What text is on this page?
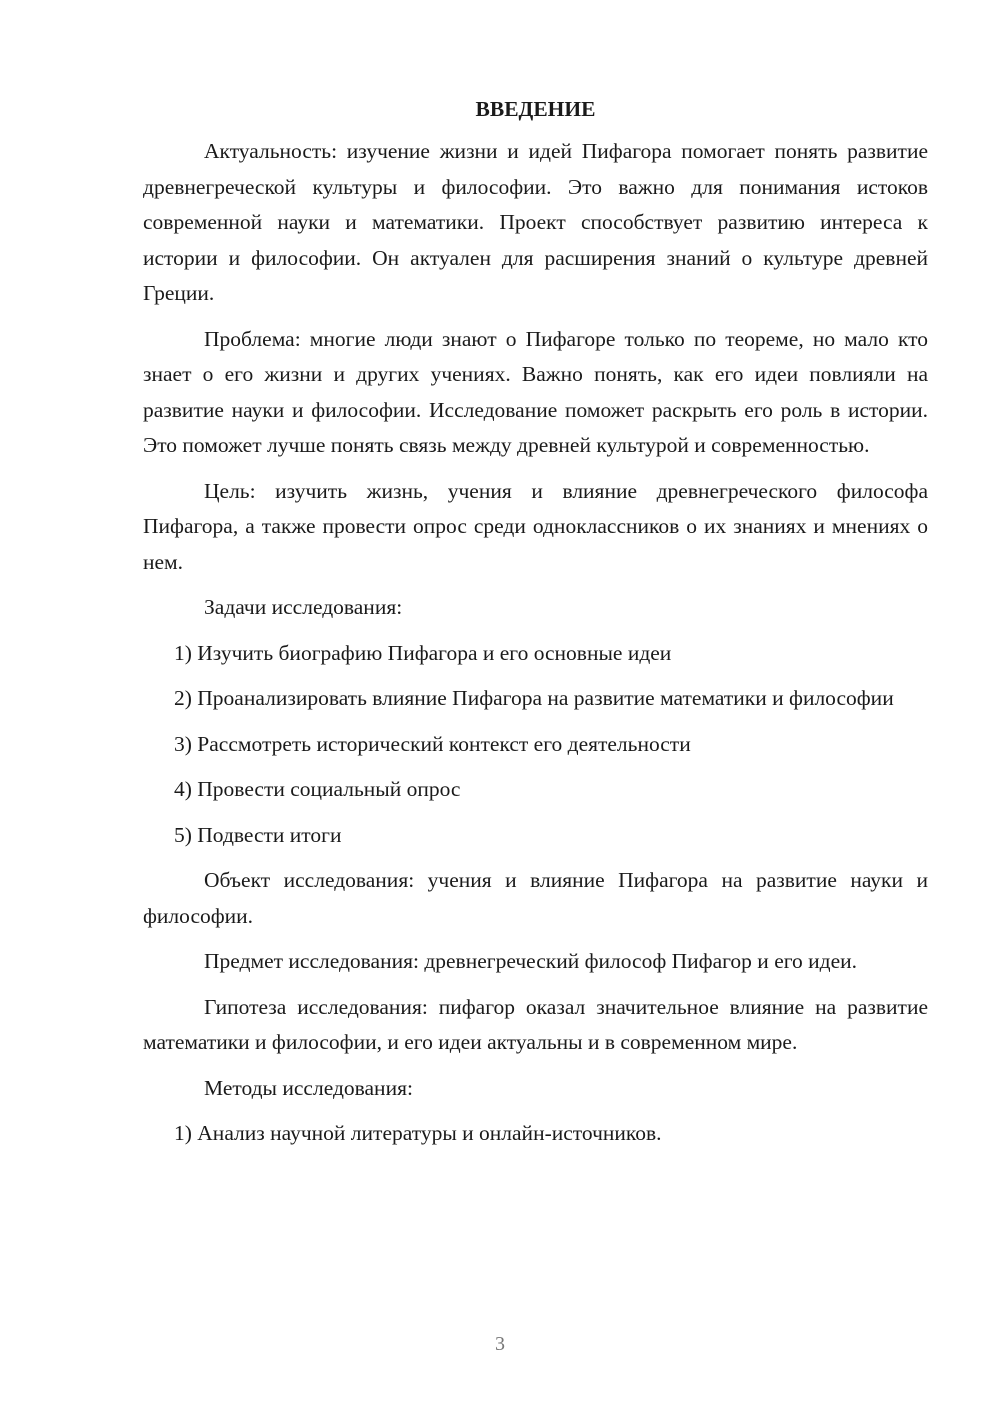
ВВЕДЕНИЕ

Актуальность: изучение жизни и идей Пифагора помогает понять развитие древнегреческой культуры и философии. Это важно для понимания истоков современной науки и математики. Проект способствует развитию интереса к истории и философии. Он актуален для расширения знаний о культуре древней Греции.

Проблема: многие люди знают о Пифагоре только по теореме, но мало кто знает о его жизни и других учениях. Важно понять, как его идеи повлияли на развитие науки и философии. Исследование поможет раскрыть его роль в истории. Это поможет лучше понять связь между древней культурой и современностью.

Цель: изучить жизнь, учения и влияние древнегреческого философа Пифагора, а также провести опрос среди одноклассников о их знаниях и мнениях о нем.

Задачи исследования:

1) Изучить биографию Пифагора и его основные идеи

2) Проанализировать влияние Пифагора на развитие математики и философии

3) Рассмотреть исторический контекст его деятельности

4) Провести социальный опрос

5) Подвести итоги

Объект исследования: учения и влияние Пифагора на развитие науки и философии.

Предмет исследования: древнегреческий философ Пифагор и его идеи.

Гипотеза исследования: пифагор оказал значительное влияние на развитие математики и философии, и его идеи актуальны и в современном мире.

Методы исследования:

1) Анализ научной литературы и онлайн-источников.

3
